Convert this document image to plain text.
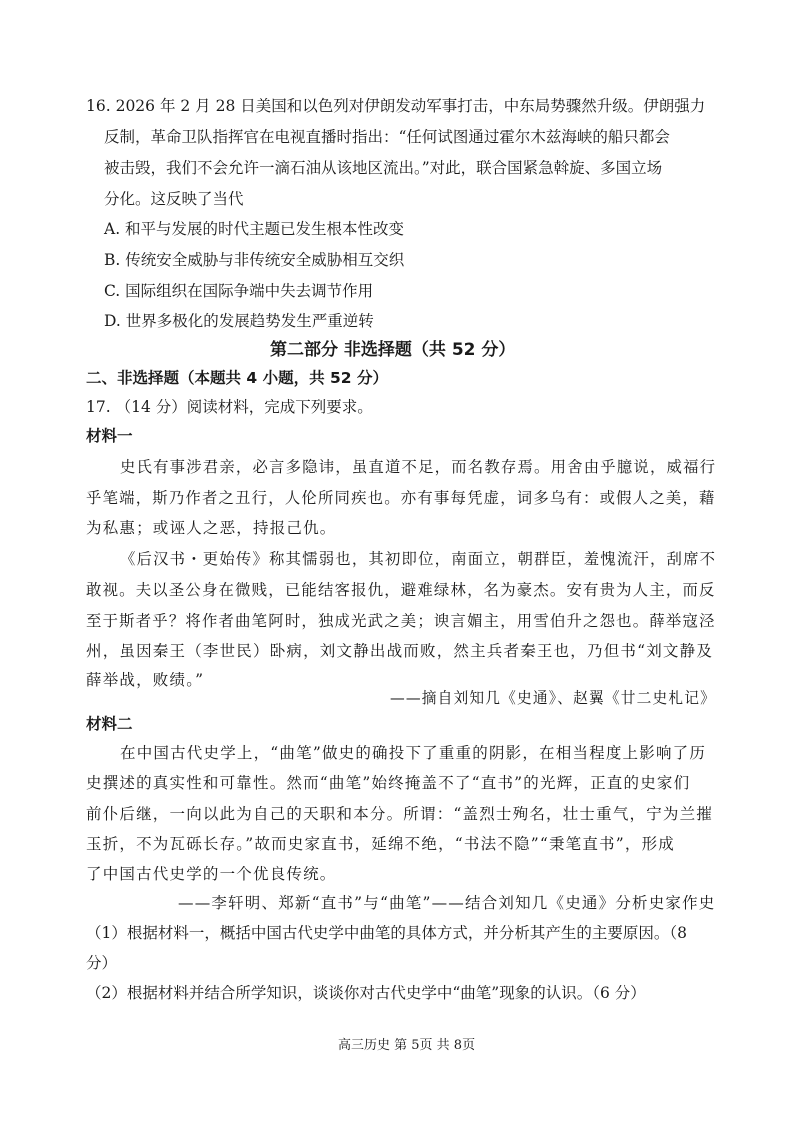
16. 2026 年 2 月 28 日美国和以色列对伊朗发动军事打击，中东局势骤然升级。伊朗强力
反制，革命卫队指挥官在电视直播时指出：“任何试图通过霍尔木兹海峡的船只都会
被击毁，我们不会允许一滴石油从该地区流出。”对此，联合国紧急斡旋、多国立场
分化。这反映了当代
A. 和平与发展的时代主题已发生根本性改变
B. 传统安全威胁与非传统安全威胁相互交织
C. 国际组织在国际争端中失去调节作用
D. 世界多极化的发展趋势发生严重逆转
第二部分 非选择题（共 52 分）
二、非选择题（本题共 4 小题，共 52 分）
17. （14 分）阅读材料，完成下列要求。
材料一
史氏有事涉君亲，必言多隐讳，虽直道不足，而名教存焉。用舍由乎臆说，威福行
乎笔端，斯乃作者之丑行，人伦所同疾也。亦有事每凭虚，词多乌有：或假人之美，藉
为私惠；或诬人之恶，持报己仇。
《后汉书・更始传》称其懦弱也，其初即位，南面立，朝群臣，羞愧流汗，刮席不
敢视。夫以圣公身在微贱，已能结客报仇，避难绿林，名为豪杰。安有贵为人主，而反
至于斯者乎？将作者曲笔阿时，独成光武之美；谀言媚主，用雪伯升之怨也。薛举寇泾
州，虽因秦王（李世民）卧病，刘文静出战而败，然主兵者秦王也，乃但书“刘文静及
薛举战，败绩。”
——摘自刘知几《史通》、赵翼《廿二史札记》
材料二
在中国古代史学上，“曲笔”做史的确投下了重重的阴影，在相当程度上影响了历
史撰述的真实性和可靠性。然而“曲笔”始终掩盖不了“直书”的光辉，正直的史家们
前仆后继，一向以此为自己的天职和本分。所谓：“盖烈士殉名，壮士重气，宁为兰摧
玉折，不为瓦砾长存。”故而史家直书，延绵不绝，“书法不隐”“秉笔直书”，形成
了中国古代史学的一个优良传统。
——李轩明、郑新“直书”与“曲笔”——结合刘知几《史通》分析史家作史
（1）根据材料一，概括中国古代史学中曲笔的具体方式，并分析其产生的主要原因。（8
分）
（2）根据材料并结合所学知识，谈谈你对古代史学中“曲笔”现象的认识。（6 分）
高三历史 第 5页 共 8页
